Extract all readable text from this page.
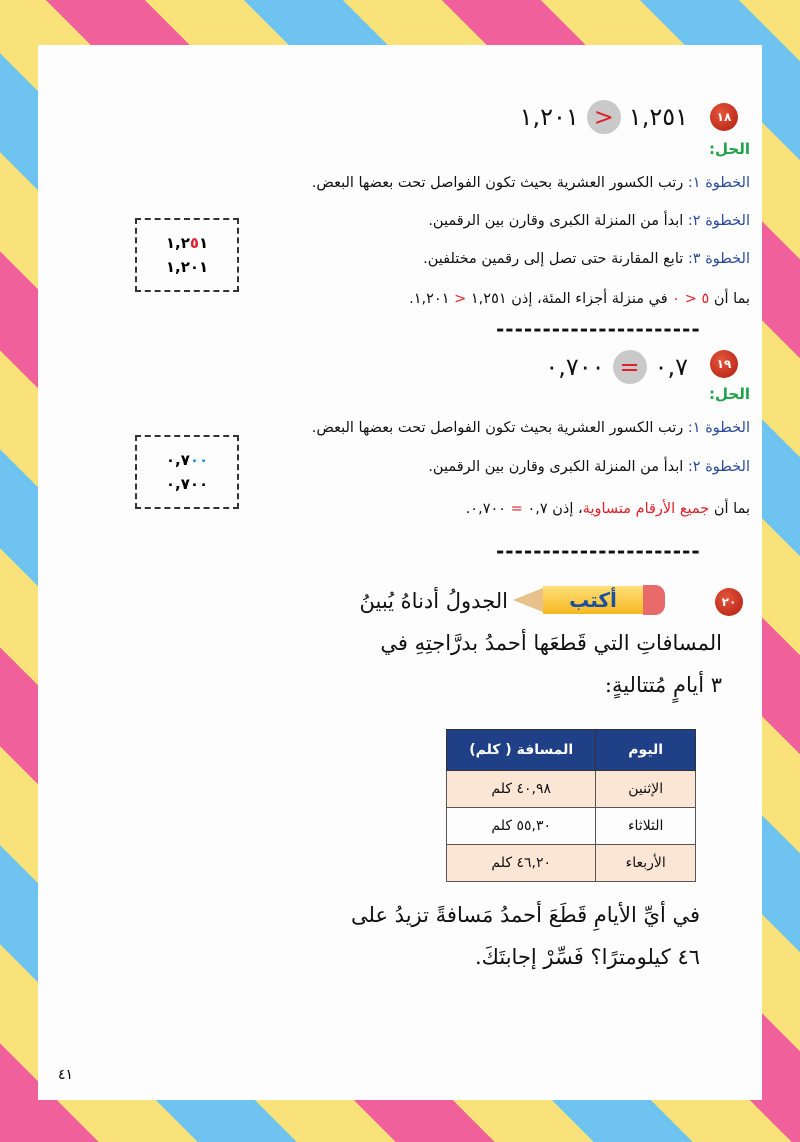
١٨
١,٢٥١
<
١,٢٠١
الحل:
الخطوة ١: رتب الكسور العشرية بحيث تكون الفواصل تحت بعضها البعض.
الخطوة ٢: ابدأ من المنزلة الكبرى وقارن بين الرقمين.
الخطوة ٣: تابع المقارنة حتى تصل إلى رقمين مختلفين.
بما أن ٥ < ٠ في منزلة أجزاء المئة، إذن ١,٢٥١ < ١,٢٠١.
١,٢٥١
١,٢٠١
----------------------
١٩
٠,٧
=
٠,٧٠٠
الحل:
الخطوة ١: رتب الكسور العشرية بحيث تكون الفواصل تحت بعضها البعض.
الخطوة ٢: ابدأ من المنزلة الكبرى وقارن بين الرقمين.
بما أن جميع الأرقام متساوية، إذن ٠,٧ = ٠,٧٠٠.
٠,٧٠٠
٠,٧٠٠
----------------------
٢٠
أكتب
الجدولُ أدناهُ يُبينُ
المسافاتِ التي قَطعَها أحمدُ بدرَّاجتِهِ في
٣ أيامٍ مُتتاليةٍ:
اليوم	المسافة ( كلم)
الإثنين	٤٠,٩٨ كلم
الثلاثاء	٥٥,٣٠ كلم
الأربعاء	٤٦,٢٠ كلم
في أيِّ الأيامِ قَطَعَ أحمدُ مَسافةً تزيدُ على
٤٦ كيلومترًا؟ فَسِّرْ إجابتَكَ.
٤١
